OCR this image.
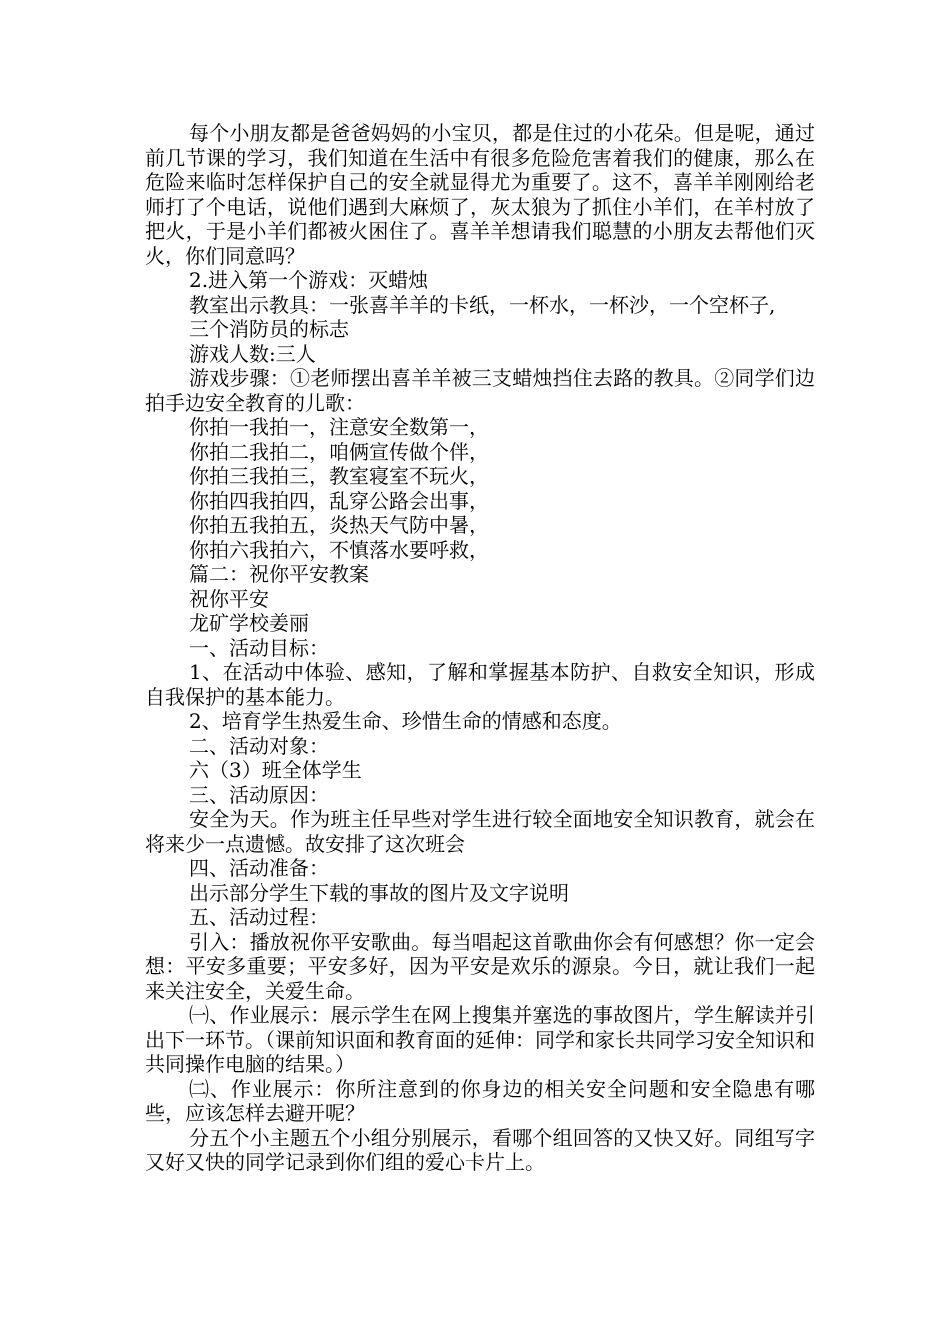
每个小朋友都是爸爸妈妈的小宝贝，都是住过的小花朵。但是呢，通过前几节课的学习，我们知道在生活中有很多危险危害着我们的健康，那么在危险来临时怎样保护自己的安全就显得尤为重要了。这不，喜羊羊刚刚给老师打了个电话，说他们遇到大麻烦了，灰太狼为了抓住小羊们，在羊村放了把火，于是小羊们都被火困住了。喜羊羊想请我们聪慧的小朋友去帮他们灭火，你们同意吗？

2.进入第一个游戏：灭蜡烛

教室出示教具：一张喜羊羊的卡纸，一杯水，一杯沙，一个空杯子,

三个消防员的标志

游戏人数:三人

游戏步骤：①老师摆出喜羊羊被三支蜡烛挡住去路的教具。②同学们边拍手边安全教育的儿歌：

你拍一我拍一，注意安全数第一，

你拍二我拍二，咱俩宣传做个伴，

你拍三我拍三，教室寝室不玩火，

你拍四我拍四，乱穿公路会出事，

你拍五我拍五，炎热天气防中暑，

你拍六我拍六，不慎落水要呼救，

篇二：祝你平安教案

祝你平安

龙矿学校姜丽

一、活动目标：

1、在活动中体验、感知，了解和掌握基本防护、自救安全知识，形成自我保护的基本能力。

2、培育学生热爱生命、珍惜生命的情感和态度。

二、活动对象：

六（3）班全体学生

三、活动原因：

安全为天。作为班主任早些对学生进行较全面地安全知识教育，就会在将来少一点遗憾。故安排了这次班会

四、活动准备：

出示部分学生下载的事故的图片及文字说明

五、活动过程：

引入：播放祝你平安歌曲。每当唱起这首歌曲你会有何感想？你一定会想：平安多重要；平安多好，因为平安是欢乐的源泉。今日，就让我们一起来关注安全，关爱生命。

㈠、作业展示：展示学生在网上搜集并塞选的事故图片，学生解读并引出下一环节。（课前知识面和教育面的延伸：同学和家长共同学习安全知识和共同操作电脑的结果。）

㈡、作业展示：你所注意到的你身边的相关安全问题和安全隐患有哪些，应该怎样去避开呢？

分五个小主题五个小组分别展示，看哪个组回答的又快又好。同组写字又好又快的同学记录到你们组的爱心卡片上。
